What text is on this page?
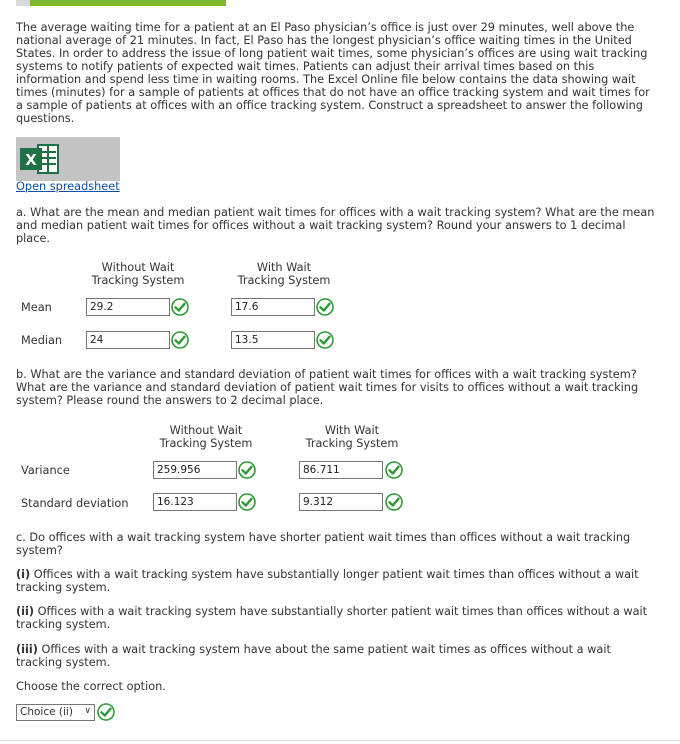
The average waiting time for a patient at an El Paso physician’s office is just over 29 minutes, well above the national average of 21 minutes. In fact, El Paso has the longest physician’s office waiting times in the United States. In order to address the issue of long patient wait times, some physician’s offices are using wait tracking systems to notify patients of expected wait times. Patients can adjust their arrival times based on this information and spend less time in waiting rooms. The Excel Online file below contains the data showing wait times (minutes) for a sample of patients at offices that do not have an office tracking system and wait times for a sample of patients at offices with an office tracking system. Construct a spreadsheet to answer the following questions.

X
Open spreadsheet

a. What are the mean and median patient wait times for offices with a wait tracking system? What are the mean and median patient wait times for offices without a wait tracking system? Round your answers to 1 decimal place.

Without Wait
Tracking System
With Wait
Tracking System
Mean	29.2	17.6
Median	24	13.5

b. What are the variance and standard deviation of patient wait times for offices with a wait tracking system? What are the variance and standard deviation of patient wait times for visits to offices without a wait tracking system? Please round the answers to 2 decimal place.

Without Wait
Tracking System
With Wait
Tracking System
Variance	259.956	86.711
Standard deviation	16.123	9.312

c. Do offices with a wait tracking system have shorter patient wait times than offices without a wait tracking system?

(i) Offices with a wait tracking system have substantially longer patient wait times than offices without a wait tracking system.

(ii) Offices with a wait tracking system have substantially shorter patient wait times than offices without a wait tracking system.

(iii) Offices with a wait tracking system have about the same patient wait times as offices without a wait tracking system.

Choose the correct option.

Choice (ii) ∨
